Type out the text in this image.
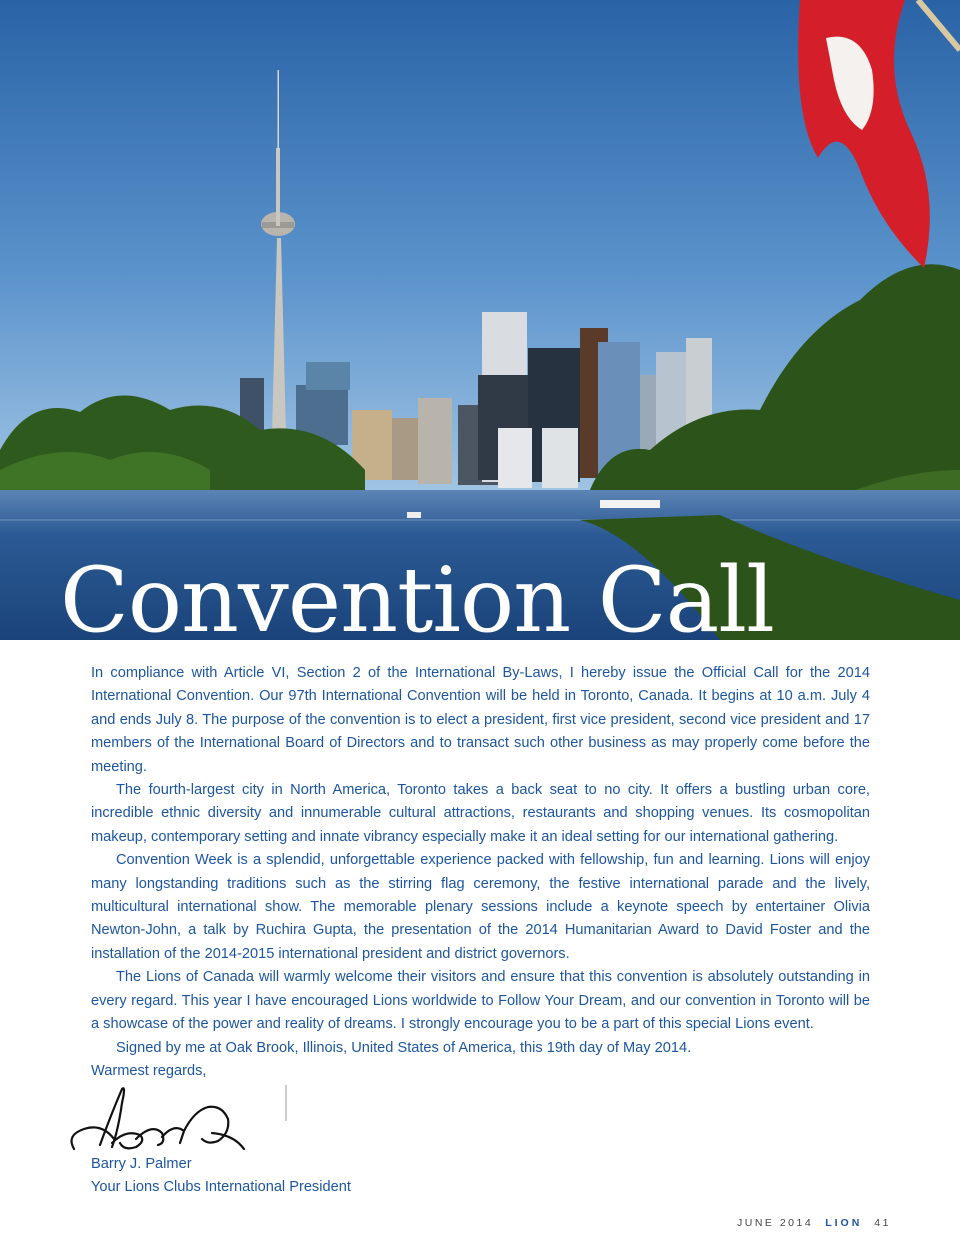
Convention Call

In compliance with Article VI, Section 2 of the International By-Laws, I hereby issue the Official Call for the 2014 International Convention. Our 97th International Convention will be held in Toronto, Canada. It begins at 10 a.m. July 4 and ends July 8. The purpose of the convention is to elect a president, first vice president, second vice president and 17 members of the International Board of Directors and to transact such other business as may properly come before the meeting.

The fourth-largest city in North America, Toronto takes a back seat to no city. It offers a bustling urban core, incredible ethnic diversity and innumerable cultural attractions, restaurants and shopping venues. Its cosmopolitan makeup, contemporary setting and innate vibrancy especially make it an ideal setting for our international gathering.

Convention Week is a splendid, unforgettable experience packed with fellowship, fun and learning. Lions will enjoy many longstanding traditions such as the stirring flag ceremony, the festive international parade and the lively, multicultural international show. The memorable plenary sessions include a keynote speech by entertainer Olivia Newton-John, a talk by Ruchira Gupta, the presentation of the 2014 Humanitarian Award to David Foster and the installation of the 2014-2015 international president and district governors.

The Lions of Canada will warmly welcome their visitors and ensure that this convention is absolutely outstanding in every regard. This year I have encouraged Lions worldwide to Follow Your Dream, and our convention in Toronto will be a showcase of the power and reality of dreams. I strongly encourage you to be a part of this special Lions event.

Signed by me at Oak Brook, Illinois, United States of America, this 19th day of May 2014.

Warmest regards,
Barry J. Palmer
Your Lions Clubs International President
JUNE 2014 LION 41
